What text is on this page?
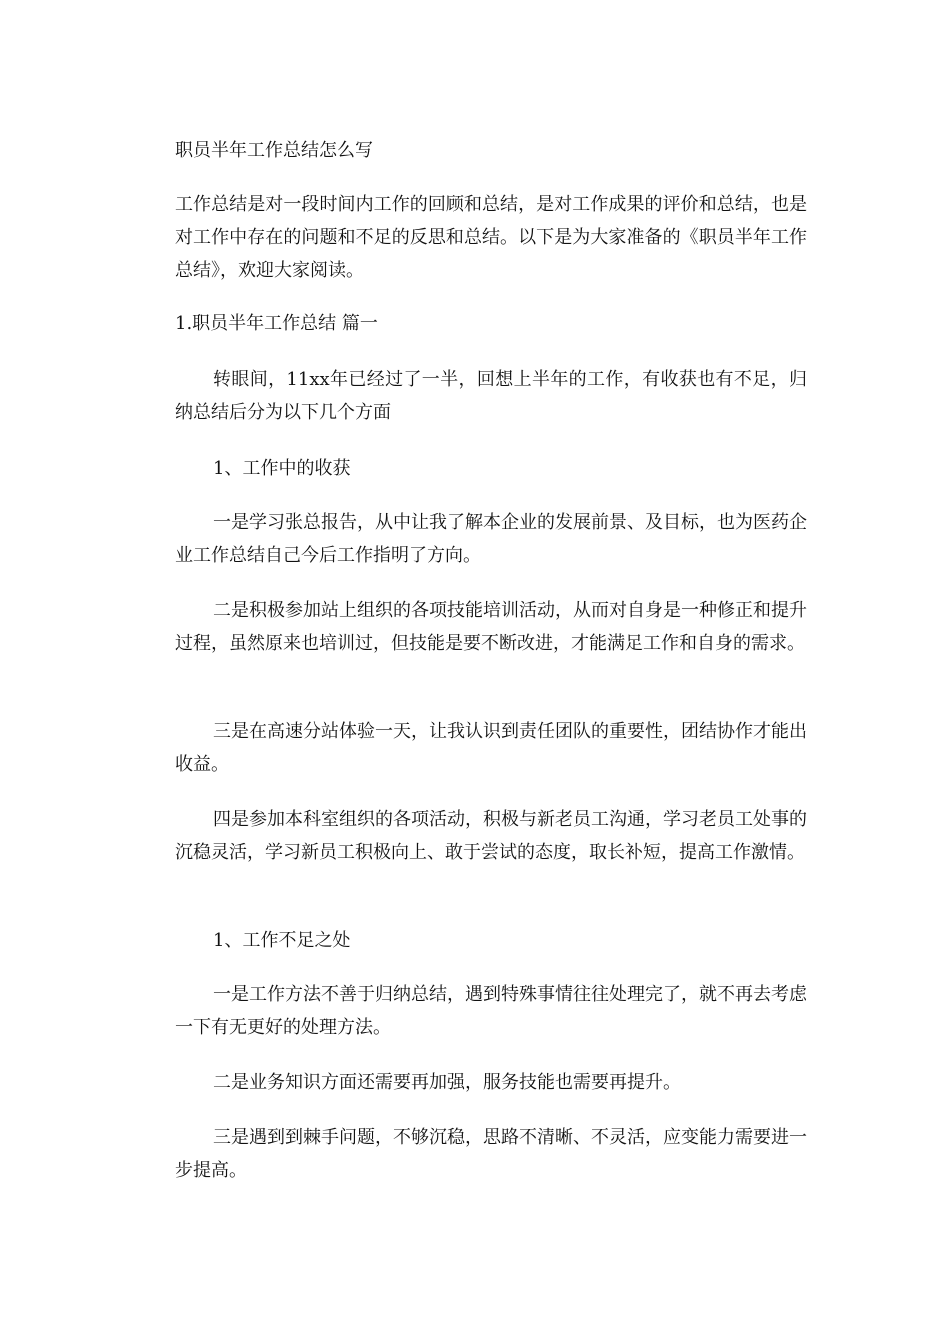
职员半年工作总结怎么写

工作总结是对一段时间内工作的回顾和总结，是对工作成果的评价和总结，也是对工作中存在的问题和不足的反思和总结。以下是为大家准备的《职员半年工作总结》，欢迎大家阅读。

1.职员半年工作总结 篇一

转眼间，11xx年已经过了一半，回想上半年的工作，有收获也有不足，归纳总结后分为以下几个方面

1、工作中的收获

一是学习张总报告，从中让我了解本企业的发展前景、及目标，也为医药企业工作总结自己今后工作指明了方向。

二是积极参加站上组织的各项技能培训活动，从而对自身是一种修正和提升过程，虽然原来也培训过，但技能是要不断改进，才能满足工作和自身的需求。

三是在高速分站体验一天，让我认识到责任团队的重要性，团结协作才能出收益。

四是参加本科室组织的各项活动，积极与新老员工沟通，学习老员工处事的沉稳灵活，学习新员工积极向上、敢于尝试的态度，取长补短，提高工作激情。

1、工作不足之处

一是工作方法不善于归纳总结，遇到特殊事情往往处理完了，就不再去考虑一下有无更好的处理方法。

二是业务知识方面还需要再加强，服务技能也需要再提升。

三是遇到到棘手问题，不够沉稳，思路不清晰、不灵活，应变能力需要进一步提高。
